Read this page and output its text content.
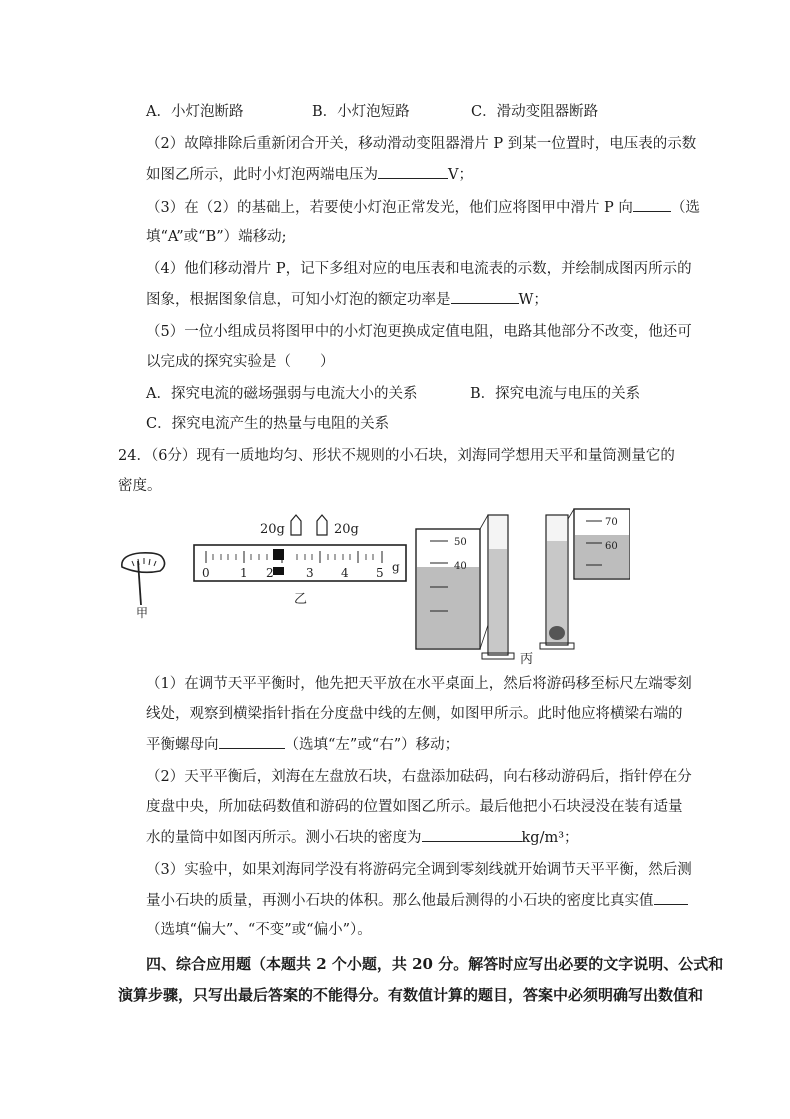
A．小灯泡断路	B．小灯泡短路	C．滑动变阻器断路
（2）故障排除后重新闭合开关，移动滑动变阻器滑片 P 到某一位置时，电压表的示数
如图乙所示，此时小灯泡两端电压为	V；
（3）在（2）的基础上，若要使小灯泡正常发光，他们应将图甲中滑片 P 向	（选
填“A”或“B”）端移动;
（4）他们移动滑片 P，记下多组对应的电压表和电流表的示数，并绘制成图丙所示的
图象，根据图象信息，可知小灯泡的额定功率是	W；
（5）一位小组成员将图甲中的小灯泡更换成定值电阻，电路其他部分不改变，他还可
以完成的探究实验是（　　）
A．探究电流的磁场强弱与电流大小的关系	B．探究电流与电压的关系
C．探究电流产生的热量与电阻的关系
24．（6分）现有一质地均匀、形状不规则的小石块，刘海同学想用天平和量筒测量它的
密度。
甲
0	1 2	3 4 5 g
20g	20g
乙
50
40
70
60
丙
（1）在调节天平平衡时，他先把天平放在水平桌面上，然后将游码移至标尺左端零刻
线处，观察到横梁指针指在分度盘中线的左侧，如图甲所示。此时他应将横梁右端的
平衡螺母向	（选填“左”或“右”）移动；
（2）天平平衡后，刘海在左盘放石块，右盘添加砝码，向右移动游码后，指针停在分
度盘中央，所加砝码数值和游码的位置如图乙所示。最后他把小石块浸没在装有适量
水的量筒中如图丙所示。测小石块的密度为	kg/m³；
（3）实验中，如果刘海同学没有将游码完全调到零刻线就开始调节天平平衡，然后测
量小石块的质量，再测小石块的体积。那么他最后测得的小石块的密度比真实值
（选填“偏大”、“不变”或“偏小”）。
四、综合应用题（本题共 2 个小题，共 20 分。解答时应写出必要的文字说明、公式和
演算步骤，只写出最后答案的不能得分。有数值计算的题目，答案中必须明确写出数值和
